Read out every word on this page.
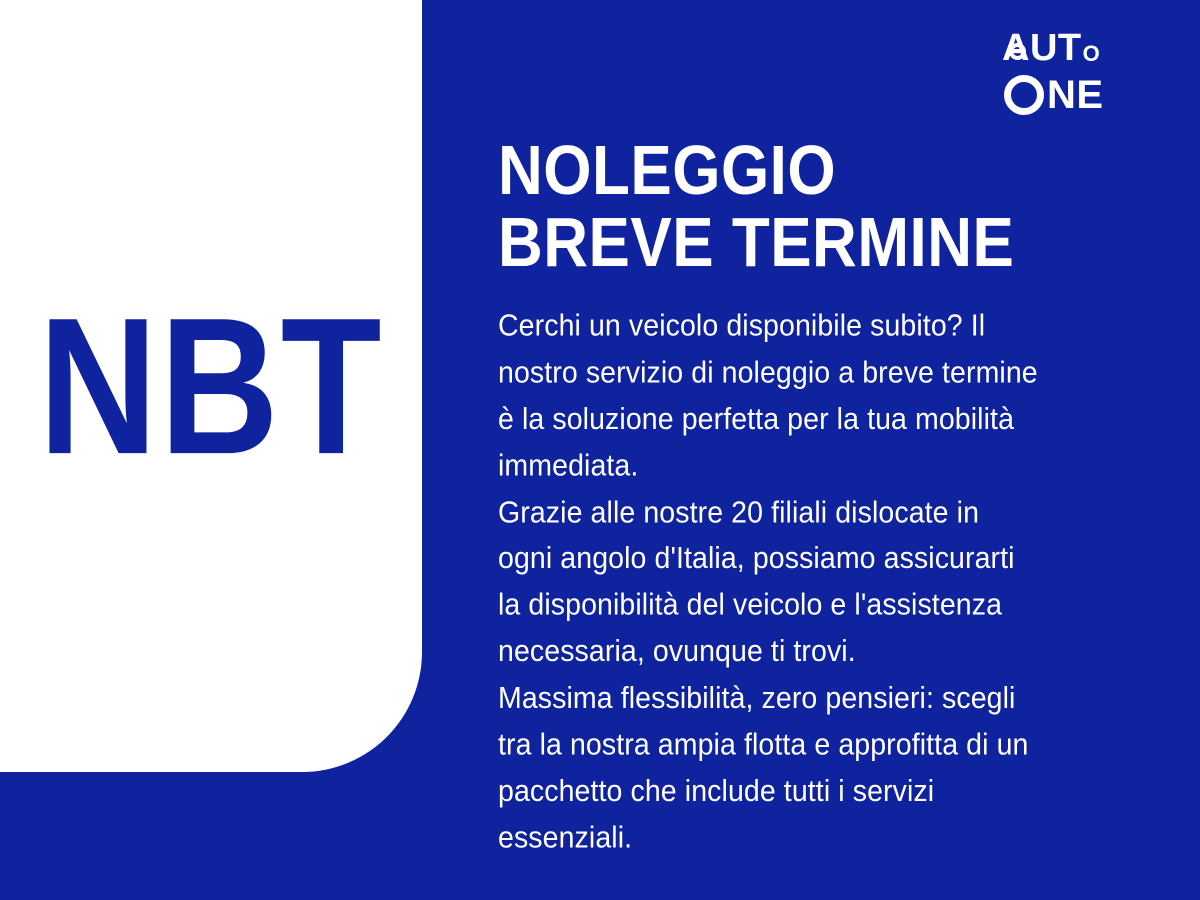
NBT
A UT O
NE
NOLEGGIO
BREVE TERMINE

Cerchi un veicolo disponibile subito? Il

nostro servizio di noleggio a breve termine

è la soluzione perfetta per la tua mobilità

immediata.

Grazie alle nostre 20 filiali dislocate in

ogni angolo d'Italia, possiamo assicurarti

la disponibilità del veicolo e l'assistenza

necessaria, ovunque ti trovi.

Massima flessibilità, zero pensieri: scegli

tra la nostra ampia flotta e approfitta di un

pacchetto che include tutti i servizi

essenziali.
